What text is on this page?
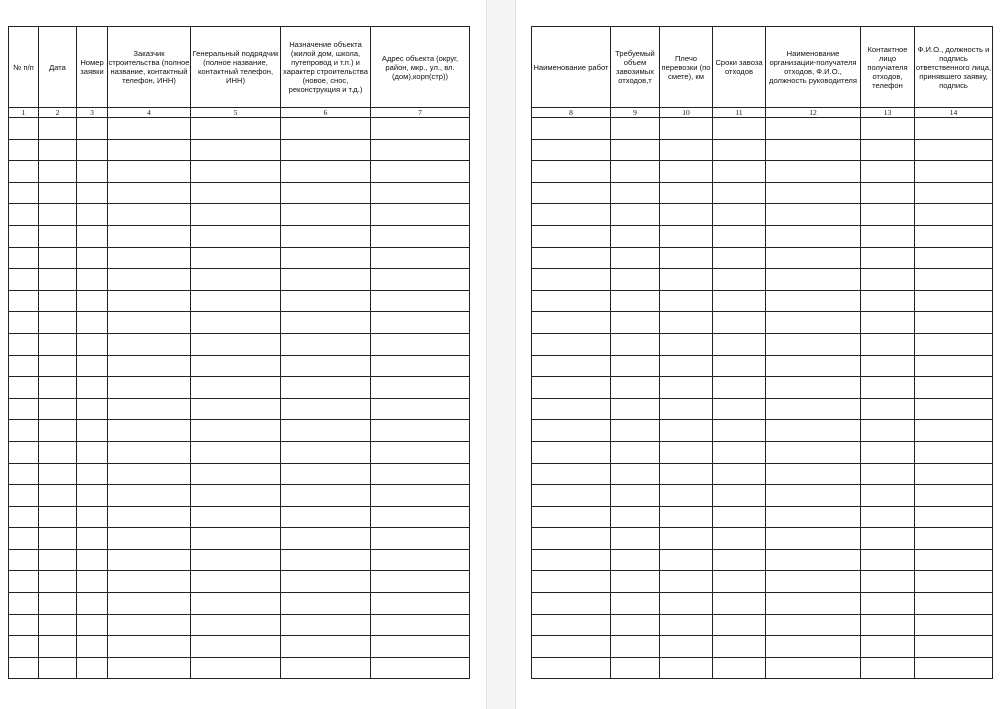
№ п/п	Дата	Номер заявки	Заказчик строительства (полное название, контактный телефон, ИНН)	Генеральный подрядчик (полное название, контактный телефон, ИНН)	Назначение объекта (жилой дом, школа, путепровод и т.п.) и характер строительства (новое, снос, реконструкция и т.д.)	Адрес объекта (округ, район, мкр., ул., вл.(дом),корп(стр))
1	2	3	4	5	6	7

Наименование работ	Требуемый объем завозимых отходов,т	Плечо перевозки (по смете), км	Сроки завоза отходов	Наименование организации-получателя отходов, Ф.И.О., должность руководителя	Контактное лицо получателя отходов, телефон	Ф.И.О., должность и подпись ответственного лица, принявшего заявку, подпись
8	9	10	11	12	13	14
